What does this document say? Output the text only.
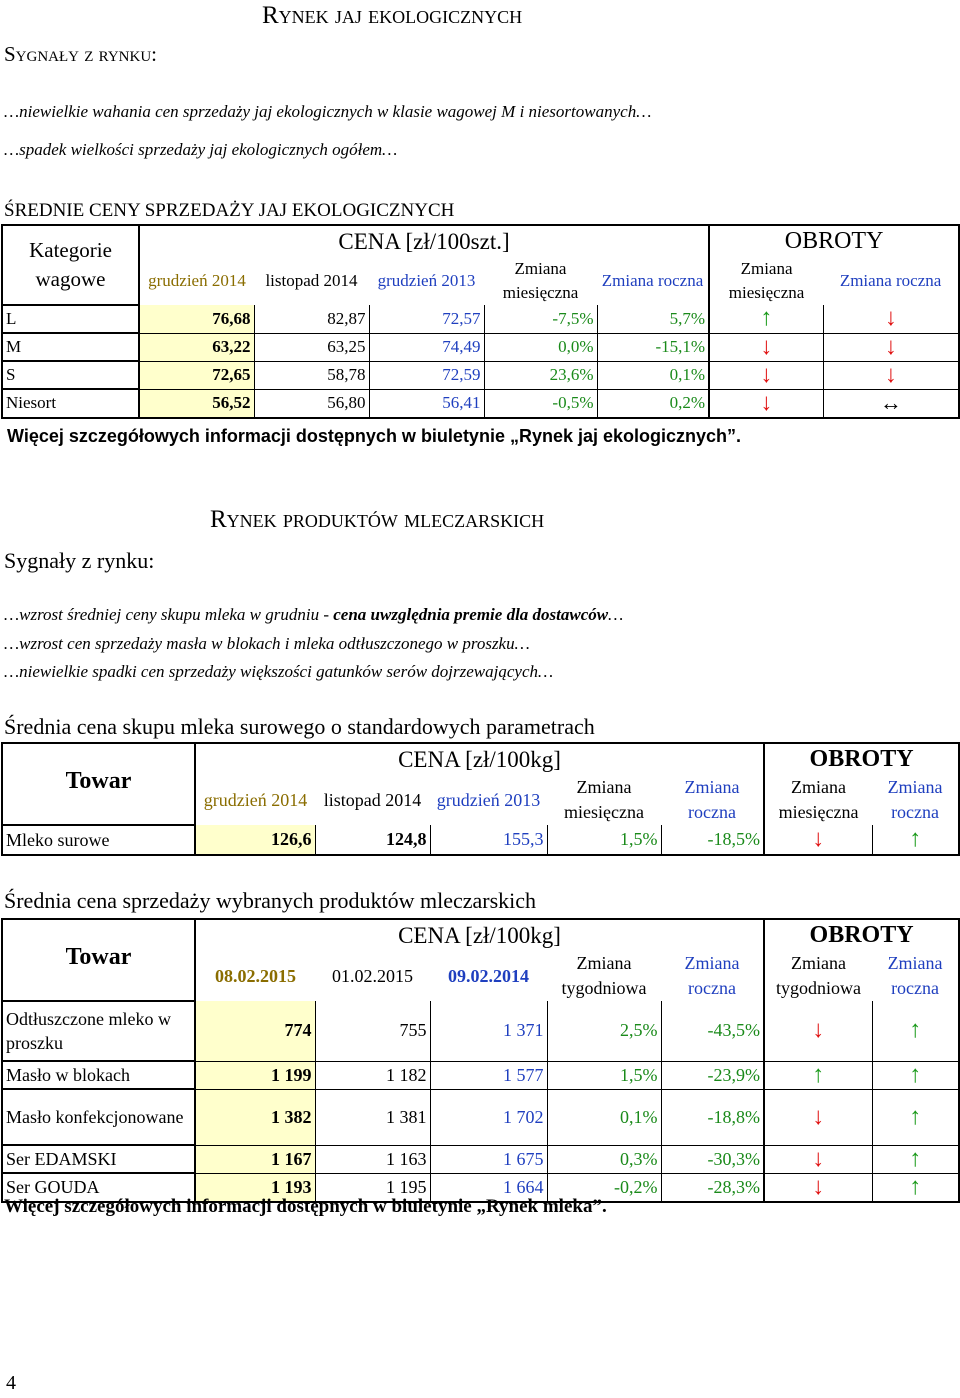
Sygnały z rynku:
Rynek jaj ekologicznych
…niewielkie wahania cen sprzedaży jaj ekologicznych w klasie wagowej M i niesortowanych…
…spadek wielkości sprzedaży jaj ekologicznych ogółem…
ŚREDNIE CENY SPRZEDAŻY JAJ EKOLOGICZNYCH
Kategorie wagowe	CENA [zł/100szt.]					OBROTY	
	grudzień 2014	listopad 2014	grudzień 2013	Zmiana miesięczna	Zmiana roczna	Zmiana miesięczna	Zmiana roczna
L	76,68	82,87	72,57	-7,5%	5,7%	↑	↓
M	63,22	63,25	74,49	0,0%	-15,1%	↓	↓
S	72,65	58,78	72,59	23,6%	0,1%	↓	↓
Niesort	56,52	56,80	56,41	-0,5%	0,2%	↓	↔
Więcej szczegółowych informacji dostępnych w biuletynie „Rynek jaj ekologicznych”.
Rynek produktów mleczarskich
Sygnały z rynku:
…wzrost średniej ceny skupu mleka w grudniu - cena uwzględnia premie dla dostawców…
…wzrost cen sprzedaży masła w blokach i mleka odtłuszczonego w proszku…
…niewielkie spadki cen sprzedaży większości gatunków serów dojrzewających…
Średnia cena skupu mleka surowego o standardowych parametrach
Towar	CENA [zł/100kg]					OBROTY	
	grudzień 2014	listopad 2014	grudzień 2013	Zmiana miesięczna	Zmiana roczna	Zmiana miesięczna	Zmiana roczna
Mleko surowe	126,6	124,8	155,3	1,5%	-18,5%	↓	↑
Średnia cena sprzedaży wybranych produktów mleczarskich
Towar	CENA [zł/100kg]					OBROTY	
	08.02.2015	01.02.2015	09.02.2014	Zmiana tygodniowa	Zmiana roczna	Zmiana tygodniowa	Zmiana roczna
Odtłuszczone mleko w proszku	774	755	1 371	2,5%	-43,5%	↓	↑
Masło w blokach	1 199	1 182	1 577	1,5%	-23,9%	↑	↑
Masło konfekcjonowane	1 382	1 381	1 702	0,1%	-18,8%	↓	↑
Ser EDAMSKI	1 167	1 163	1 675	0,3%	-30,3%	↓	↑
Ser GOUDA	1 193	1 195	1 664	-0,2%	-28,3%	↓	↑
Więcej szczegółowych informacji dostępnych w biuletynie „Rynek mleka”.
4
